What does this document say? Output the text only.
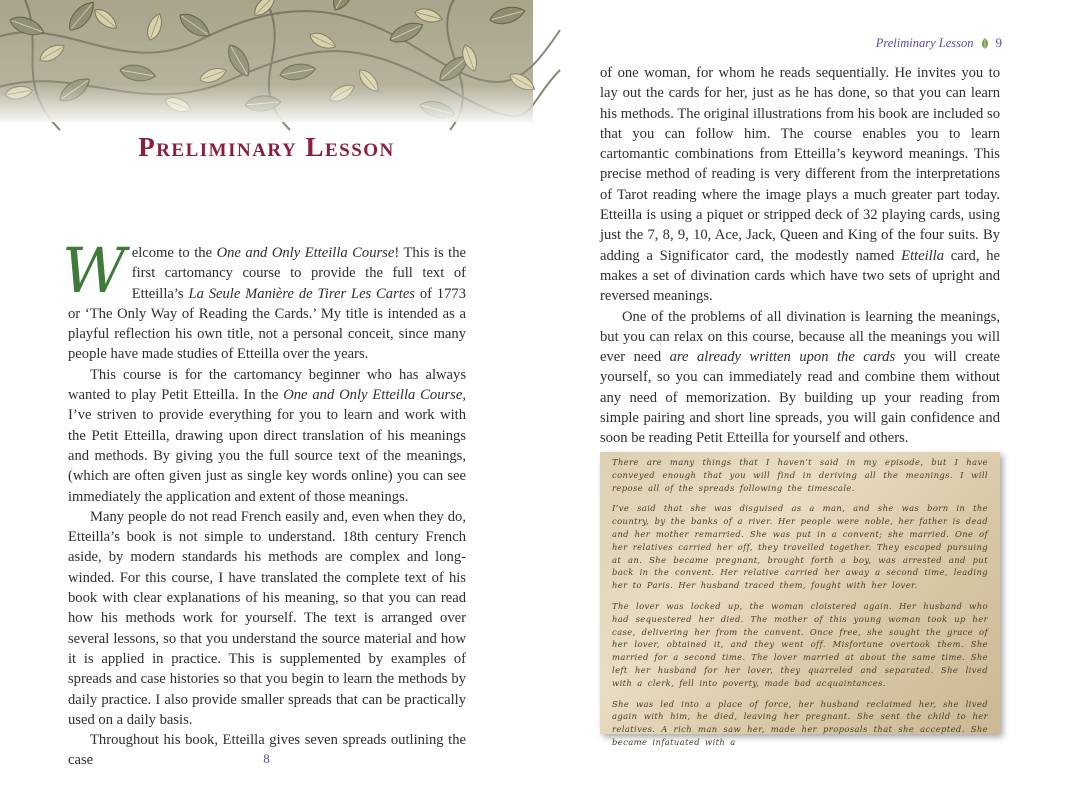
Preliminary Lesson

Welcome to the One and Only Etteilla Course! This is the first cartomancy course to provide the full text of Etteilla’s La Seule Manière de Tirer Les Cartes of 1773 or ‘The Only Way of Reading the Cards.’ My title is intended as a playful reflection his own title, not a personal conceit, since many people have made studies of Etteilla over the years.

This course is for the cartomancy beginner who has always wanted to play Petit Etteilla. In the One and Only Etteilla Course, I’ve striven to provide everything for you to learn and work with the Petit Etteilla, drawing upon direct translation of his meanings and methods. By giving you the full source text of the meanings, (which are often given just as single key words online) you can see immediately the application and extent of those meanings.

Many people do not read French easily and, even when they do, Etteilla’s book is not simple to understand. 18th century French aside, by modern standards his methods are complex and long-winded. For this course, I have translated the complete text of his book with clear explanations of his meaning, so that you can read how his methods work for yourself. The text is arranged over several lessons, so that you understand the source material and how it is applied in practice. This is supplemented by examples of spreads and case histories so that you begin to learn the methods by daily practice. I also provide smaller spreads that can be practically used on a daily basis.

Throughout his book, Etteilla gives seven spreads outlining the case	8
Preliminary Lesson 9

of one woman, for whom he reads sequentially. He invites you to lay out the cards for her, just as he has done, so that you can learn his methods. The original illustrations from his book are included so that you can follow him. The course enables you to learn cartomantic combinations from Etteilla’s keyword meanings. This precise method of reading is very different from the interpretations of Tarot reading where the image plays a much greater part today. Etteilla is using a piquet or stripped deck of 32 playing cards, using just the 7, 8, 9, 10, Ace, Jack, Queen and King of the four suits. By adding a Significator card, the modestly named Etteilla card, he makes a set of divination cards which have two sets of upright and reversed meanings.

One of the problems of all divination is learning the meanings, but you can relax on this course, because all the meanings you will ever need are already written upon the cards you will create yourself, so you can immediately read and combine them without any need of memorization. By building up your reading from simple pairing and short line spreads, you will gain confidence and soon be reading Petit Etteilla for yourself and others.

There are many things that I haven’t said in my episode, but I have conveyed enough that you will find in deriving all the meanings. I will repose all of the spreads following the timescale.

I’ve said that she was disguised as a man, and she was born in the country, by the banks of a river. Her people were noble, her father is dead and her mother remarried. She was put in a convent; she married. One of her relatives carried her off, they travelled together. They escaped pursuing at an. She became pregnant, brought forth a boy, was arrested and put back in the convent. Her relative carried her away a second time, leading her to Paris. Her husband traced them, fought with her lover.

The lover was locked up, the woman cloistered again. Her husband who had sequestered her died. The mother of this young woman took up her case, delivering her from the convent. Once free, she sought the grace of her lover, obtained it, and they went off. Misfortune overtook them. She married for a second time. The lover married at about the same time. She left her husband for her lover, they quarreled and separated. She lived with a clerk, fell into poverty, made bad acquaintances.

She was led into a place of force, her husband reclaimed her, she lived again with him, he died, leaving her pregnant. She sent the child to her relatives. A rich man saw her, made her proposals that she accepted. She became infatuated with a
